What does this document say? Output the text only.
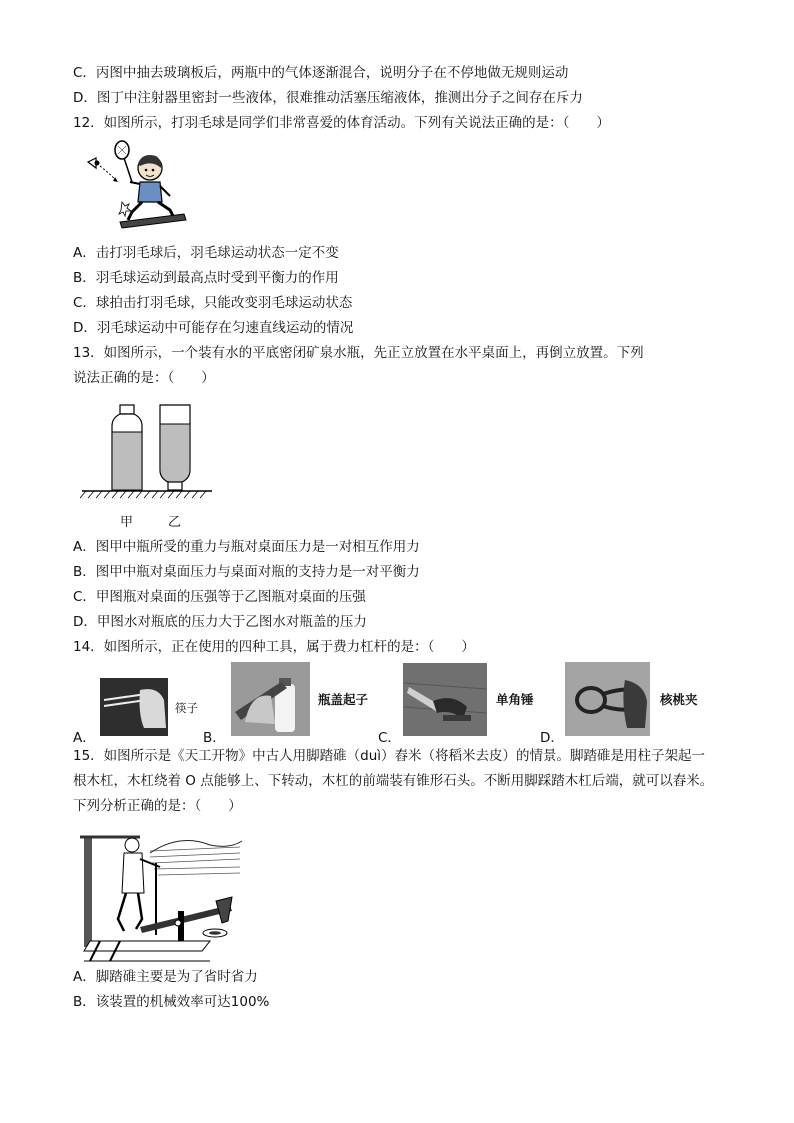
C．丙图中抽去玻璃板后，两瓶中的气体逐渐混合，说明分子在不停地做无规则运动
D．图丁中注射器里密封一些液体，很难推动活塞压缩液体，推测出分子之间存在斥力
12．如图所示，打羽毛球是同学们非常喜爱的体育活动。下列有关说法正确的是：（　　）
A．击打羽毛球后，羽毛球运动状态一定不变
B．羽毛球运动到最高点时受到平衡力的作用
C．球拍击打羽毛球，只能改变羽毛球运动状态
D．羽毛球运动中可能存在匀速直线运动的情况
13．如图所示，一个装有水的平底密闭矿泉水瓶，先正立放置在水平桌面上，再倒立放置。下列
说法正确的是：（　　）
甲	乙
A．图甲中瓶所受的重力与瓶对桌面压力是一对相互作用力
B．图甲中瓶对桌面压力与桌面对瓶的支持力是一对平衡力
C．甲图瓶对桌面的压强等于乙图瓶对桌面的压强
D．甲图水对瓶底的压力大于乙图水对瓶盖的压力
14．如图所示，正在使用的四种工具，属于费力杠杆的是：（　　）
A．
筷子
B．
瓶盖起子
C．
单角锤
D．
核桃夹
15．如图所示是《天工开物》中古人用脚踏碓（duì）舂米（将稻米去皮）的情景。脚踏碓是用柱子架起一
根木杠，木杠绕着 O 点能够上、下转动，木杠的前端装有锥形石头。不断用脚踩踏木杠后端，就可以舂米。
下列分析正确的是：（　　）
A．脚踏碓主要是为了省时省力
B．该装置的机械效率可达100%
